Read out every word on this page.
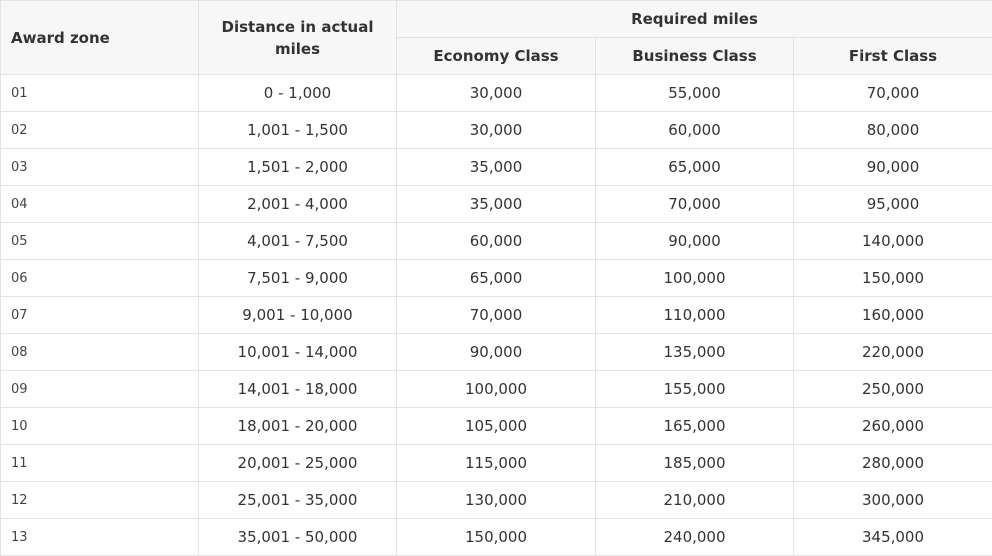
Award zone	Distance in actual miles	Required miles		
		Economy Class	Business Class	First Class
01	0 - 1,000	30,000	55,000	70,000
02	1,001 - 1,500	30,000	60,000	80,000
03	1,501 - 2,000	35,000	65,000	90,000
04	2,001 - 4,000	35,000	70,000	95,000
05	4,001 - 7,500	60,000	90,000	140,000
06	7,501 - 9,000	65,000	100,000	150,000
07	9,001 - 10,000	70,000	110,000	160,000
08	10,001 - 14,000	90,000	135,000	220,000
09	14,001 - 18,000	100,000	155,000	250,000
10	18,001 - 20,000	105,000	165,000	260,000
11	20,001 - 25,000	115,000	185,000	280,000
12	25,001 - 35,000	130,000	210,000	300,000
13	35,001 - 50,000	150,000	240,000	345,000
